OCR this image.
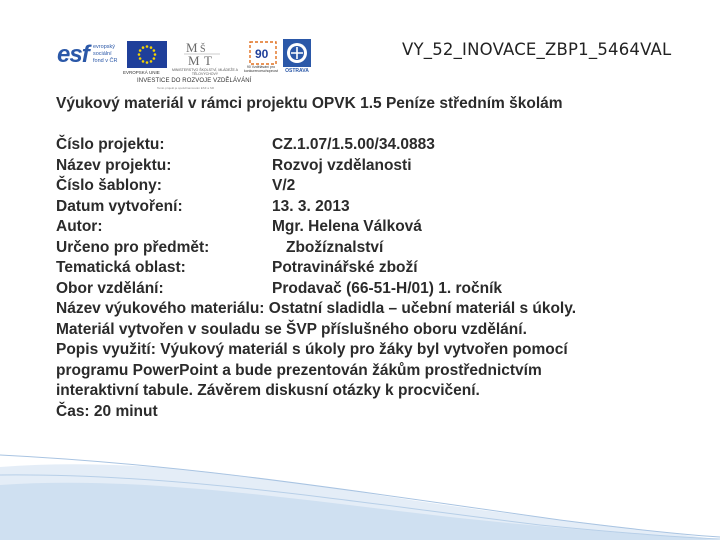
esf evropský sociální fond v ČR
EVROPSKÁ UNIE
M Š
M T
MINISTERSTVO ŠKOLSTVÍ, MLÁDEŽE A TĚLOVÝCHOVY
INVESTICE DO ROZVOJE VZDĚLÁVÁNÍ
Tento projekt je spolufinancován ESF a SR
90
90 Vzdělávání pro konkurenceschopnost	OSTRAVA
VY_52_INOVACE_ZBP1_5464VAL
Výukový materiál v rámci projektu OPVK 1.5 Peníze středním školám
Číslo projektu:	CZ.1.07/1.5.00/34.0883
Název projektu:	Rozvoj vzdělanosti
Číslo šablony:	V/2
Datum vytvoření:	13. 3. 2013
Autor:	Mgr. Helena Válková
Určeno pro předmět:	Zbožíznalství
Tematická oblast:	Potravinářské zboží
Obor vzdělání:	Prodavač (66-51-H/01) 1. ročník
Název výukového materiálu: Ostatní sladidla – učební materiál s úkoly.
Materiál vytvořen v souladu se ŠVP příslušného oboru vzdělání.
Popis využití: Výukový materiál s úkoly pro žáky byl vytvořen pomocí
programu PowerPoint a bude prezentován žákům prostřednictvím
interaktivní tabule. Závěrem diskusní otázky k procvičení.
Čas: 20 minut
